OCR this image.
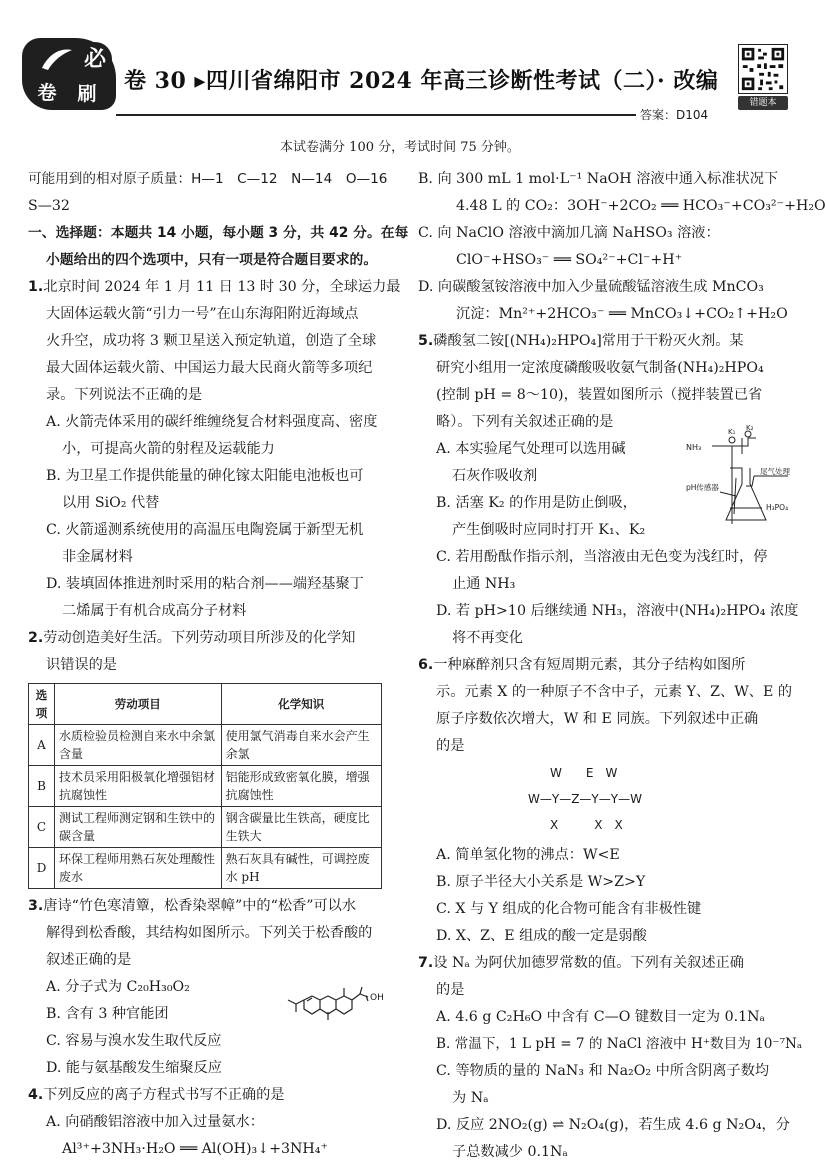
必
卷 刷 卷 30 ▸四川省绵阳市 2024 年高三诊断性考试（二）· 改编
错题本
答案：D104
本试卷满分 100 分，考试时间 75 分钟。
可能用到的相对原子质量：H—1　C—12　N—14　O—16
S—32
一、选择题：本题共 14 小题，每小题 3 分，共 42 分。在每
小题给出的四个选项中，只有一项是符合题目要求的。
1.北京时间 2024 年 1 月 11 日 13 时 30 分，全球运力最
大固体运载火箭“引力一号”在山东海阳附近海域点
火升空，成功将 3 颗卫星送入预定轨道，创造了全球
最大固体运载火箭、中国运力最大民商火箭等多项纪
录。下列说法不正确的是
A. 火箭壳体采用的碳纤维缠绕复合材料强度高、密度
小，可提高火箭的射程及运载能力
B. 为卫星工作提供能量的砷化镓太阳能电池板也可
以用 SiO₂ 代替
C. 火箭遥测系统使用的高温压电陶瓷属于新型无机
非金属材料
D. 装填固体推进剂时采用的粘合剂——端羟基聚丁
二烯属于有机合成高分子材料
2.劳动创造美好生活。下列劳动项目所涉及的化学知
识错误的是
选项	劳动项目	化学知识
A	水质检验员检测自来水中余氯含量	使用氯气消毒自来水会产生余氯
B	技术员采用阳极氧化增强铝材抗腐蚀性	铝能形成致密氧化膜，增强抗腐蚀性
C	测试工程师测定钢和生铁中的碳含量	钢含碳量比生铁高，硬度比生铁大
D	环保工程师用熟石灰处理酸性废水	熟石灰具有碱性，可调控废水 pH
3.唐诗“竹色寒清簟，松香染翠幛”中的“松香”可以水
解得到松香酸，其结构如图所示。下列关于松香酸的
叙述正确的是
A. 分子式为 C₂₀H₃₀O₂
B. 含有 3 种官能团
C. 容易与溴水发生取代反应
D. 能与氨基酸发生缩聚反应
OH
4.下列反应的离子方程式书写不正确的是
A. 向硝酸铝溶液中加入过量氨水：
Al³⁺+3NH₃·H₂O ══ Al(OH)₃↓+3NH₄⁺
B. 向 300 mL 1 mol·L⁻¹ NaOH 溶液中通入标准状况下
4.48 L 的 CO₂：3OH⁻+2CO₂ ══ HCO₃⁻+CO₃²⁻+H₂O
C. 向 NaClO 溶液中滴加几滴 NaHSO₃ 溶液：
ClO⁻+HSO₃⁻ ══ SO₄²⁻+Cl⁻+H⁺
D. 向碳酸氢铵溶液中加入少量硫酸锰溶液生成 MnCO₃
沉淀：Mn²⁺+2HCO₃⁻ ══ MnCO₃↓+CO₂↑+H₂O
5.磷酸氢二铵[(NH₄)₂HPO₄]常用于干粉灭火剂。某
研究小组用一定浓度磷酸吸收氨气制备(NH₄)₂HPO₄
(控制 pH = 8～10)，装置如图所示（搅拌装置已省
略）。下列有关叙述正确的是
A. 本实验尾气处理可以选用碱
石灰作吸收剂
B. 活塞 K₂ 的作用是防止倒吸，
产生倒吸时应同时打开 K₁、K₂
NH₃
K₁ K₂
尾气处理
pH传感器
H₃PO₄
C. 若用酚酞作指示剂，当溶液由无色变为浅红时，停
止通 NH₃
D. 若 pH>10 后继续通 NH₃，溶液中(NH₄)₂HPO₄ 浓度
将不再变化
6.一种麻醉剂只含有短周期元素，其分子结构如图所
示。元素 X 的一种原子不含中子，元素 Y、Z、W、E 的
原子序数依次增大，W 和 E 同族。下列叙述中正确
的是
W　　E　W
W—Y—Z—Y—Y—W
X　　　X　X
A. 简单氢化物的沸点：W<E
B. 原子半径大小关系是 W>Z>Y
C. X 与 Y 组成的化合物可能含有非极性键
D. X、Z、E 组成的酸一定是弱酸
7.设 Nₐ 为阿伏加德罗常数的值。下列有关叙述正确
的是
A. 4.6 g C₂H₆O 中含有 C—O 键数目一定为 0.1Nₐ
B. 常温下，1 L pH = 7 的 NaCl 溶液中 H⁺数目为 10⁻⁷Nₐ
C. 等物质的量的 NaN₃ 和 Na₂O₂ 中所含阴离子数均
为 Nₐ
D. 反应 2NO₂(g) ⇌ N₂O₄(g)，若生成 4.6 g N₂O₄，分
子总数减少 0.1Nₐ
